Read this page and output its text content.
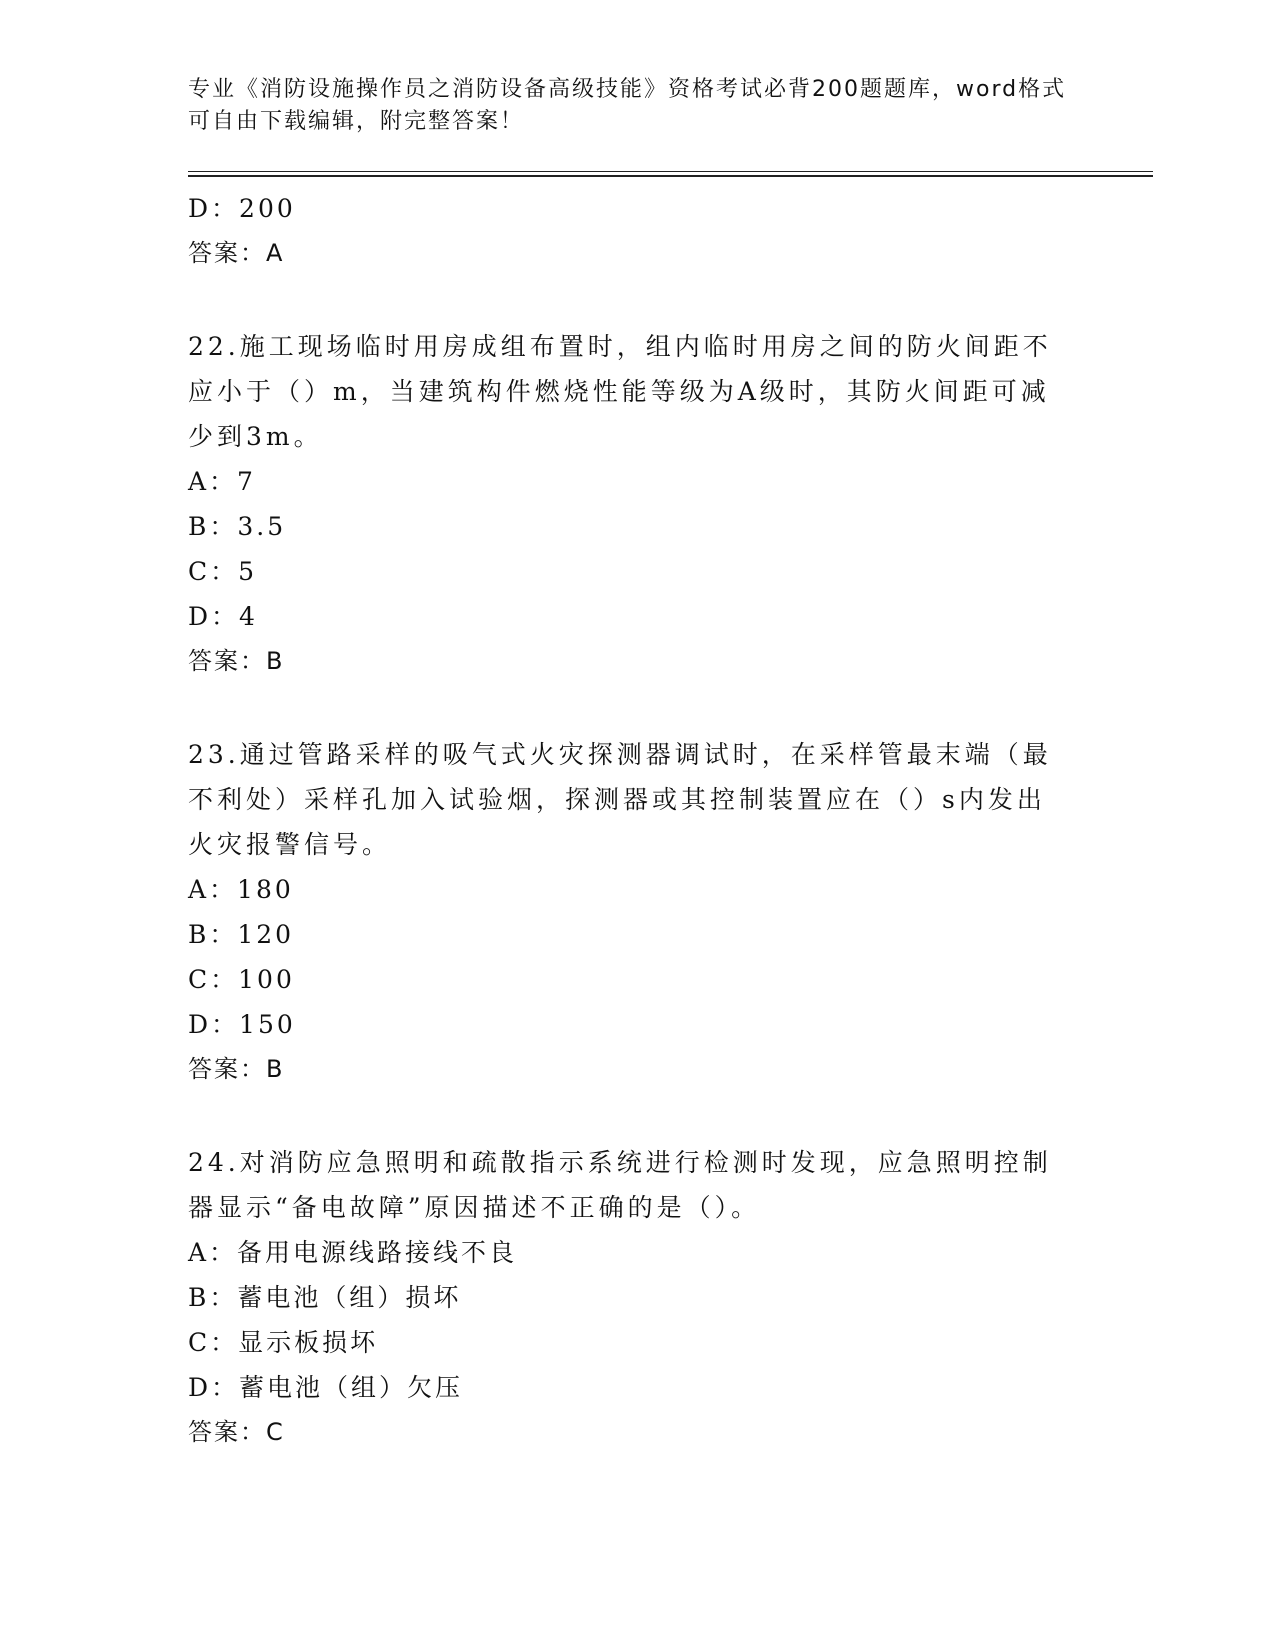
专业《消防设施操作员之消防设备高级技能》资格考试必背200题题库，word格式可自由下载编辑，附完整答案！
D：200
答案：A
22.施工现场临时用房成组布置时，组内临时用房之间的防火间距不应小于（）m，当建筑构件燃烧性能等级为A级时，其防火间距可减少到3m。
A：7
B：3.5
C：5
D：4
答案：B
23.通过管路采样的吸气式火灾探测器调试时，在采样管最末端（最不利处）采样孔加入试验烟，探测器或其控制装置应在（）s内发出火灾报警信号。
A：180
B：120
C：100
D：150
答案：B
24.对消防应急照明和疏散指示系统进行检测时发现，应急照明控制器显示“备电故障”原因描述不正确的是（）。
A：备用电源线路接线不良
B：蓄电池（组）损坏
C：显示板损坏
D：蓄电池（组）欠压
答案：C
